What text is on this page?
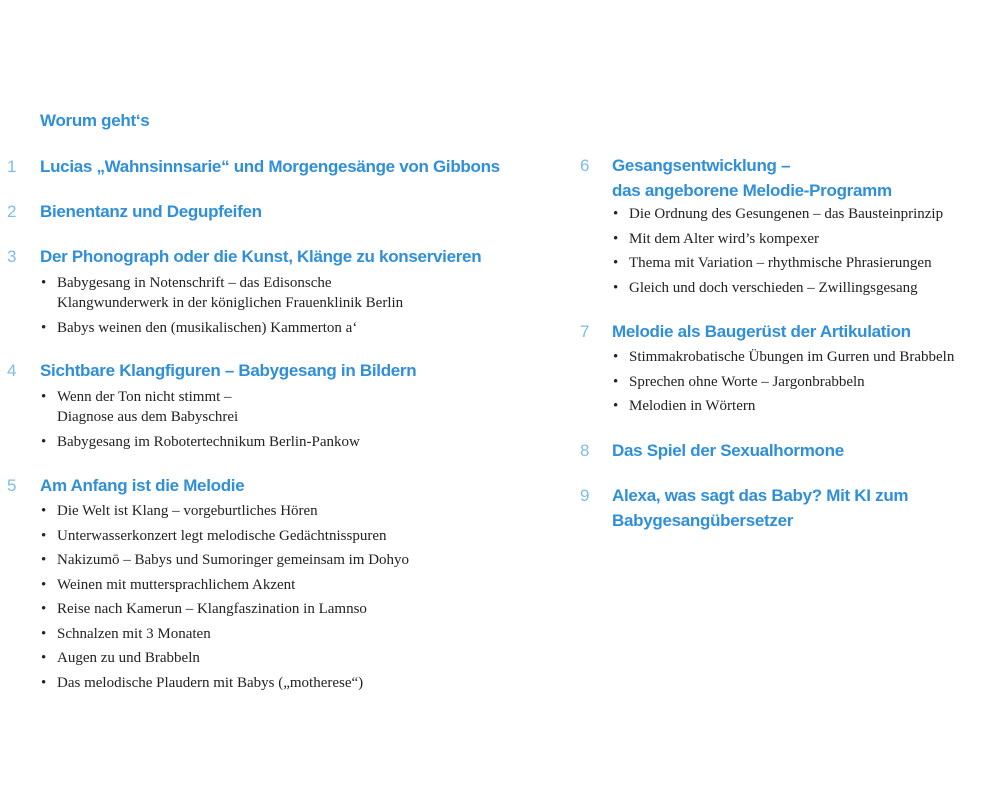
Worum geht‘s
1 Lucias „Wahnsinnsarie“ und Morgengesänge von Gibbons
2 Bienentanz und Degupfeifen
3 Der Phonograph oder die Kunst, Klänge zu konservieren
• Babygesang in Notenschrift – das Edisonsche
Klangwunderwerk in der königlichen Frauenklinik Berlin
• Babys weinen den (musikalischen) Kammerton a‘
4 Sichtbare Klangfiguren – Babygesang in Bildern
• Wenn der Ton nicht stimmt –
Diagnose aus dem Babyschrei
• Babygesang im Robotertechnikum Berlin-Pankow
5 Am Anfang ist die Melodie
• Die Welt ist Klang – vorgeburtliches Hören
• Unterwasserkonzert legt melodische Gedächtnisspuren
• Nakizumō – Babys und Sumoringer gemeinsam im Dohyo
• Weinen mit muttersprachlichem Akzent
• Reise nach Kamerun – Klangfaszination in Lamnso
• Schnalzen mit 3 Monaten
• Augen zu und Brabbeln
• Das melodische Plaudern mit Babys („motherese“)
6 Gesangsentwicklung –
das angeborene Melodie-Programm
• Die Ordnung des Gesungenen – das Bausteinprinzip
• Mit dem Alter wird’s kompexer
• Thema mit Variation – rhythmische Phrasierungen
• Gleich und doch verschieden – Zwillingsgesang
7 Melodie als Baugerüst der Artikulation
• Stimmakrobatische Übungen im Gurren und Brabbeln
• Sprechen ohne Worte – Jargonbrabbeln
• Melodien in Wörtern
8 Das Spiel der Sexualhormone
9 Alexa, was sagt das Baby? Mit KI zum
Babygesangübersetzer
